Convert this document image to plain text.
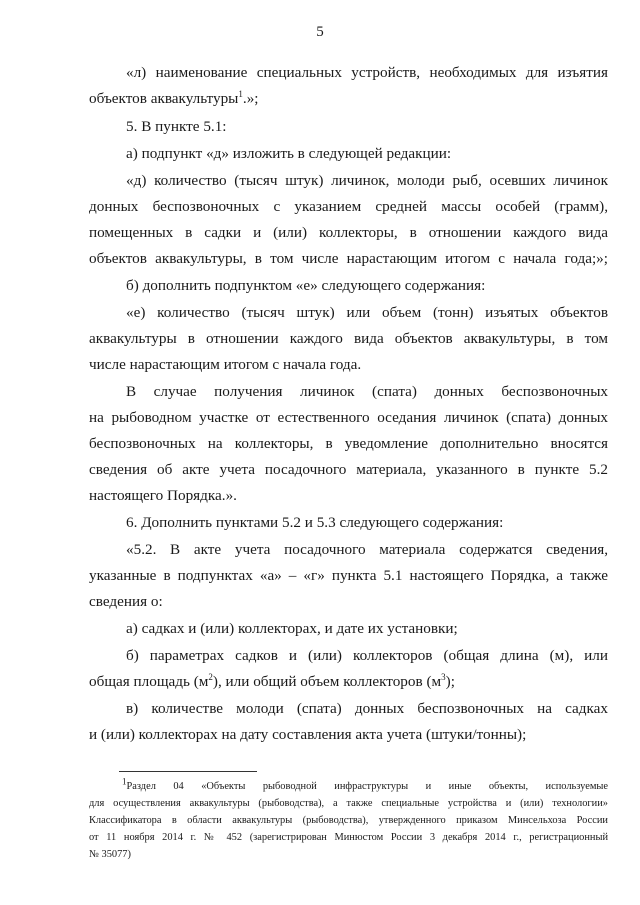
5
«л) наименование специальных устройств, необходимых для изъятия
объектов аквакультуры$^1$.»;
5. В пункте 5.1:
а) подпункт «д» изложить в следующей редакции:
«д) количество (тысяч штук) личинок, молоди рыб, осевших личинок
донных беспозвоночных с указанием средней массы особей (грамм),
помещенных в садки и (или) коллекторы, в отношении каждого вида
объектов аквакультуры, в том числе нарастающим итогом с начала года;»;
б) дополнить подпунктом «е» следующего содержания:
«е) количество (тысяч штук) или объем (тонн) изъятых объектов
аквакультуры в отношении каждого вида объектов аквакультуры, в том
числе нарастающим итогом с начала года.
В случае получения личинок (спата) донных беспозвоночных
на рыбоводном участке от естественного оседания личинок (спата) донных
беспозвоночных на коллекторы, в уведомление дополнительно вносятся
сведения об акте учета посадочного материала, указанного в пункте 5.2
настоящего Порядка.».
6. Дополнить пунктами 5.2 и 5.3 следующего содержания:
«5.2. В акте учета посадочного материала содержатся сведения,
указанные в подпунктах «а» – «г» пункта 5.1 настоящего Порядка, а также
сведения о:
а) садках и (или) коллекторах, и дате их установки;
б) параметрах садков и (или) коллекторов (общая длина (м), или
общая площадь $(м^2)$, или общий объем коллекторов $(м^3)$;
в) количестве молоди (спата) донных беспозвоночных на садках
и (или) коллекторах на дату составления акта учета (штуки/тонны);
$^1$Раздел 04 «Объекты рыбоводной инфраструктуры и иные объекты, используемые
для осуществления аквакультуры (рыбоводства), а также специальные устройства и (или) технологии»
Классификатора в области аквакультуры (рыбоводства), утвержденного приказом Минсельхоза России
от 11 ноября 2014 г. № 452 (зарегистрирован Минюстом России 3 декабря 2014 г., регистрационный
№ 35077)
